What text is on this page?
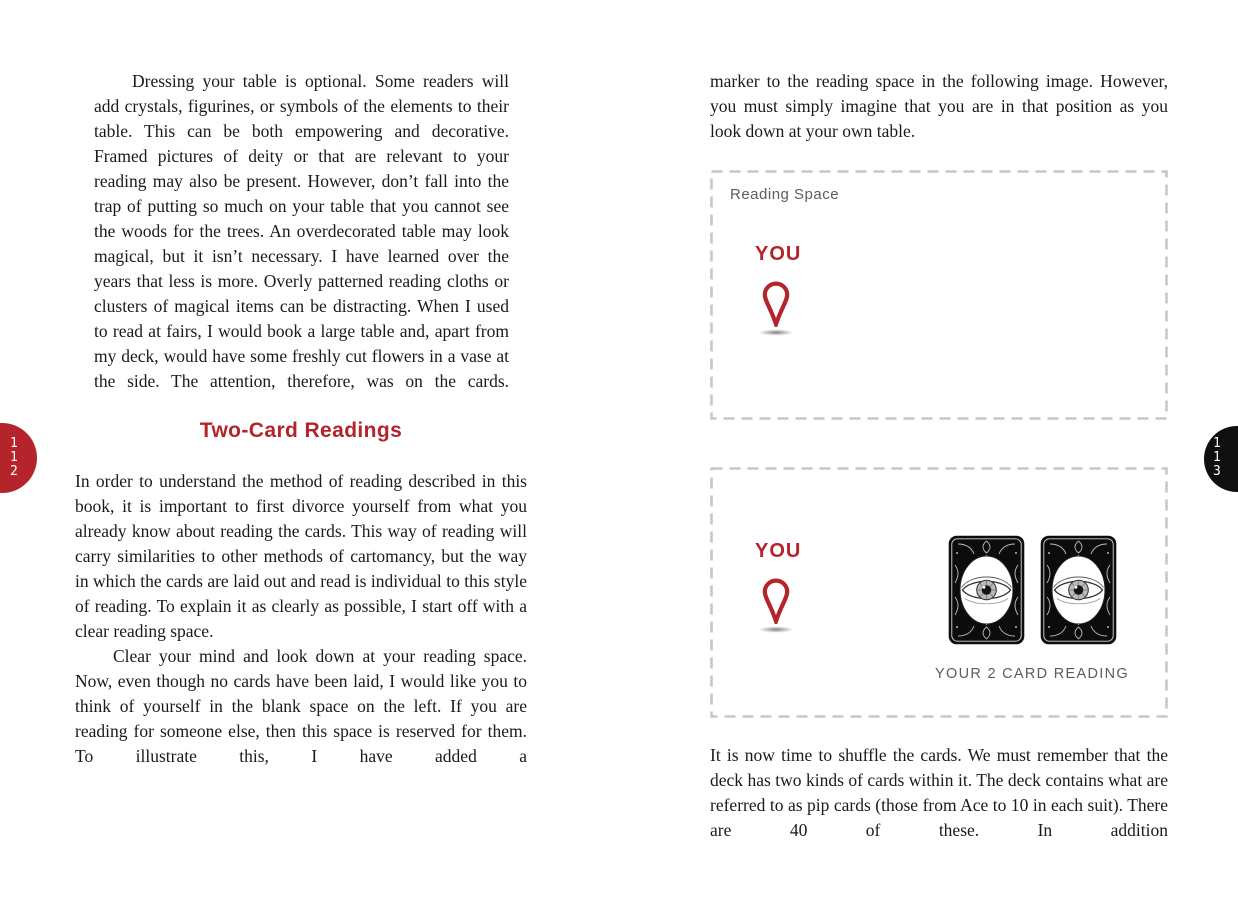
Dressing your table is optional. Some readers will add crystals, figurines, or symbols of the elements to their table. This can be both empowering and decorative. Framed pictures of deity or that are relevant to your reading may also be present. However, don’t fall into the trap of putting so much on your table that you cannot see the woods for the trees. An overdecorated table may look magical, but it isn’t necessary. I have learned over the years that less is more. Overly patterned reading cloths or clusters of magical items can be distracting. When I used to read at fairs, I would book a large table and, apart from my deck, would have some freshly cut flowers in a vase at the side. The attention, therefore, was on the cards.

Two-Card Readings

In order to understand the method of reading described in this book, it is important to first divorce yourself from what you already know about reading the cards. This way of reading will carry similarities to other methods of cartomancy, but the way in which the cards are laid out and read is individual to this style of reading. To explain it as clearly as possible, I start off with a clear reading space.

Clear your mind and look down at your reading space. Now, even though no cards have been laid, I would like you to think of yourself in the blank space on the left. If you are reading for someone else, then this space is reserved for them. To illustrate this, I have added a

marker to the reading space in the following image. However, you must simply imagine that you are in that position as you look down at your own table.

Reading Space
YOU
YOU
YOUR 2 CARD READING

It is now time to shuffle the cards. We must remember that the deck has two kinds of cards within it. The deck contains what are referred to as pip cards (those from Ace to 10 in each suit). There are 40 of these. In addition

1
1
2
1
1
3
